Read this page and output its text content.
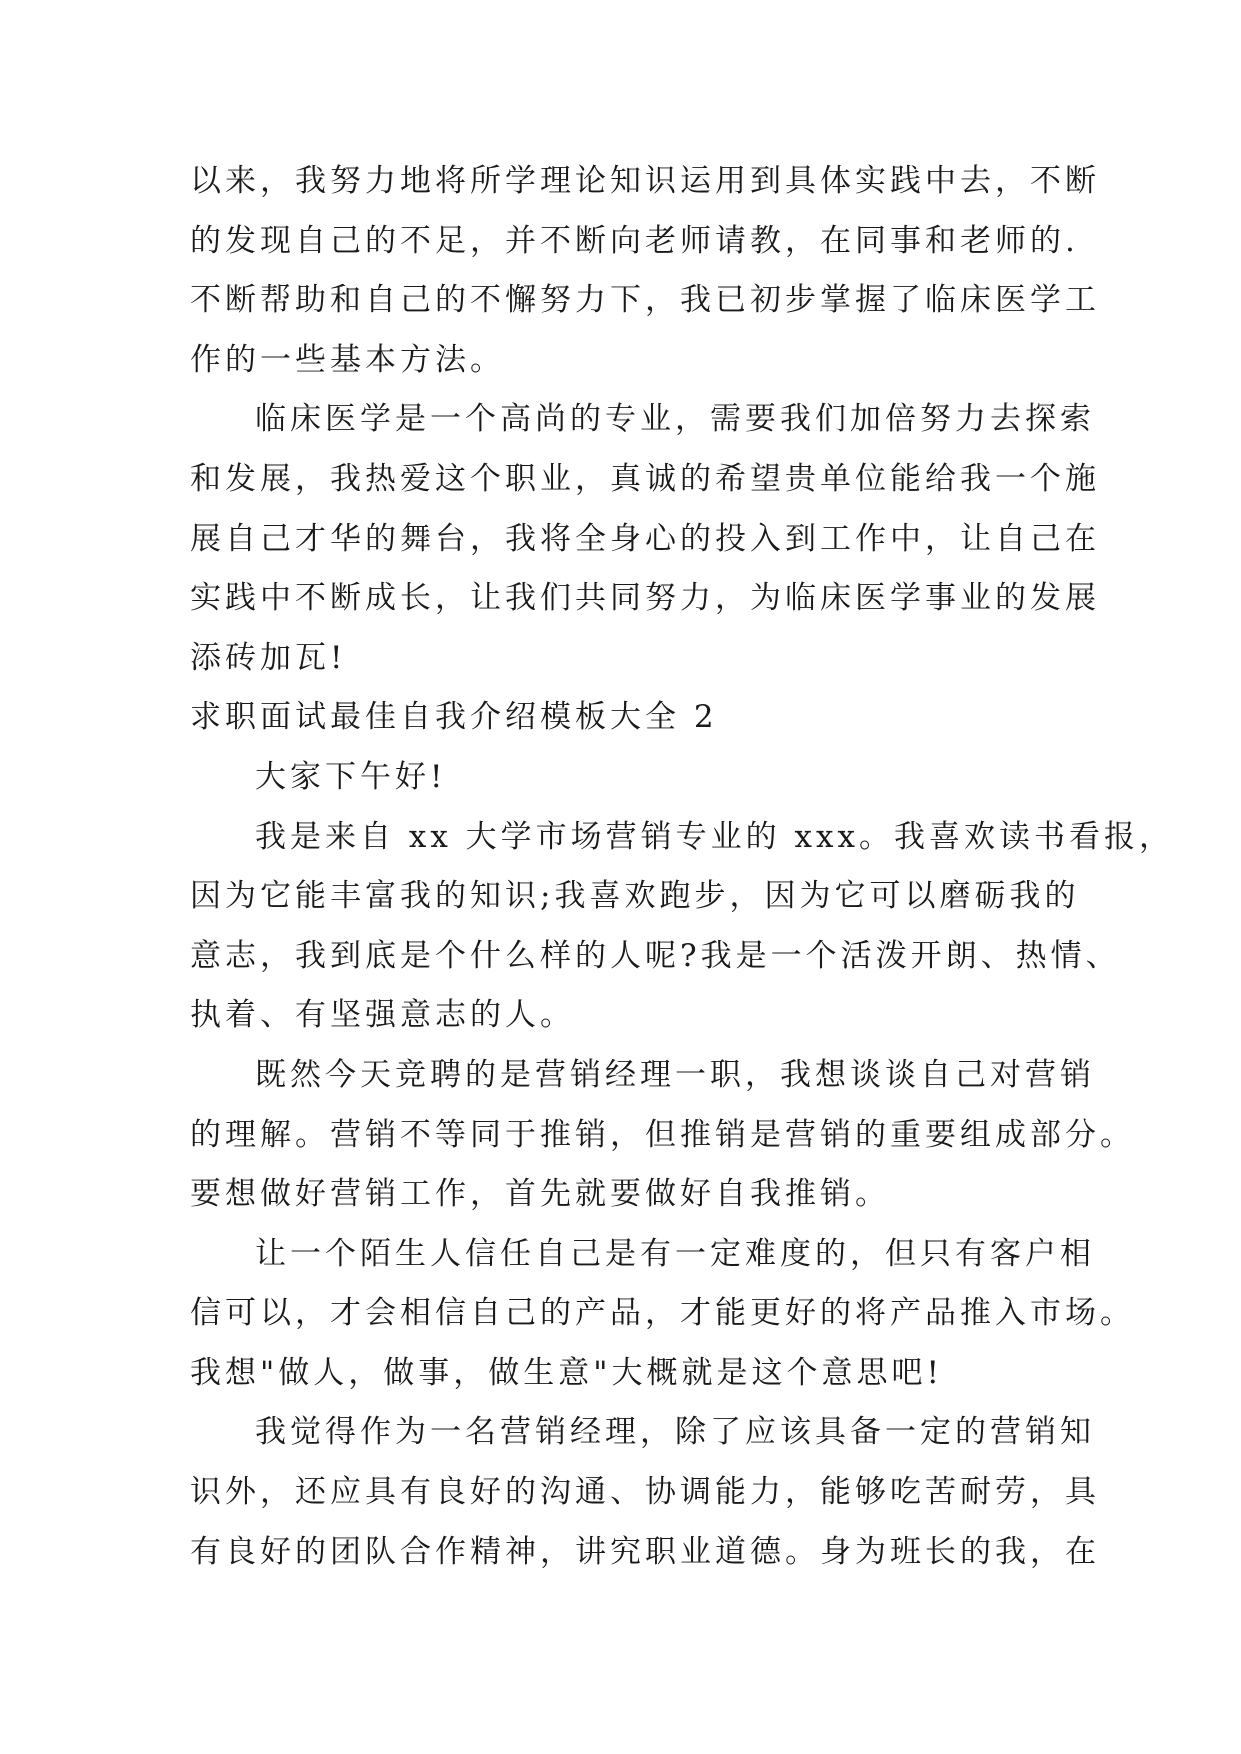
以来，我努力地将所学理论知识运用到具体实践中去，不断
的发现自己的不足，并不断向老师请教，在同事和老师的.
不断帮助和自己的不懈努力下，我已初步掌握了临床医学工
作的一些基本方法。
临床医学是一个高尚的专业，需要我们加倍努力去探索
和发展，我热爱这个职业，真诚的希望贵单位能给我一个施
展自己才华的舞台，我将全身心的投入到工作中，让自己在
实践中不断成长，让我们共同努力，为临床医学事业的发展
添砖加瓦!
求职面试最佳自我介绍模板大全 2
大家下午好!
我是来自 xx 大学市场营销专业的 xxx。我喜欢读书看报，
因为它能丰富我的知识;我喜欢跑步，因为它可以磨砺我的
意志，我到底是个什么样的人呢?我是一个活泼开朗、热情、
执着、有坚强意志的人。
既然今天竞聘的是营销经理一职，我想谈谈自己对营销
的理解。营销不等同于推销，但推销是营销的重要组成部分。
要想做好营销工作，首先就要做好自我推销。
让一个陌生人信任自己是有一定难度的，但只有客户相
信可以，才会相信自己的产品，才能更好的将产品推入市场。
我想"做人，做事，做生意"大概就是这个意思吧!
我觉得作为一名营销经理，除了应该具备一定的营销知
识外，还应具有良好的沟通、协调能力，能够吃苦耐劳，具
有良好的团队合作精神，讲究职业道德。身为班长的我，在
